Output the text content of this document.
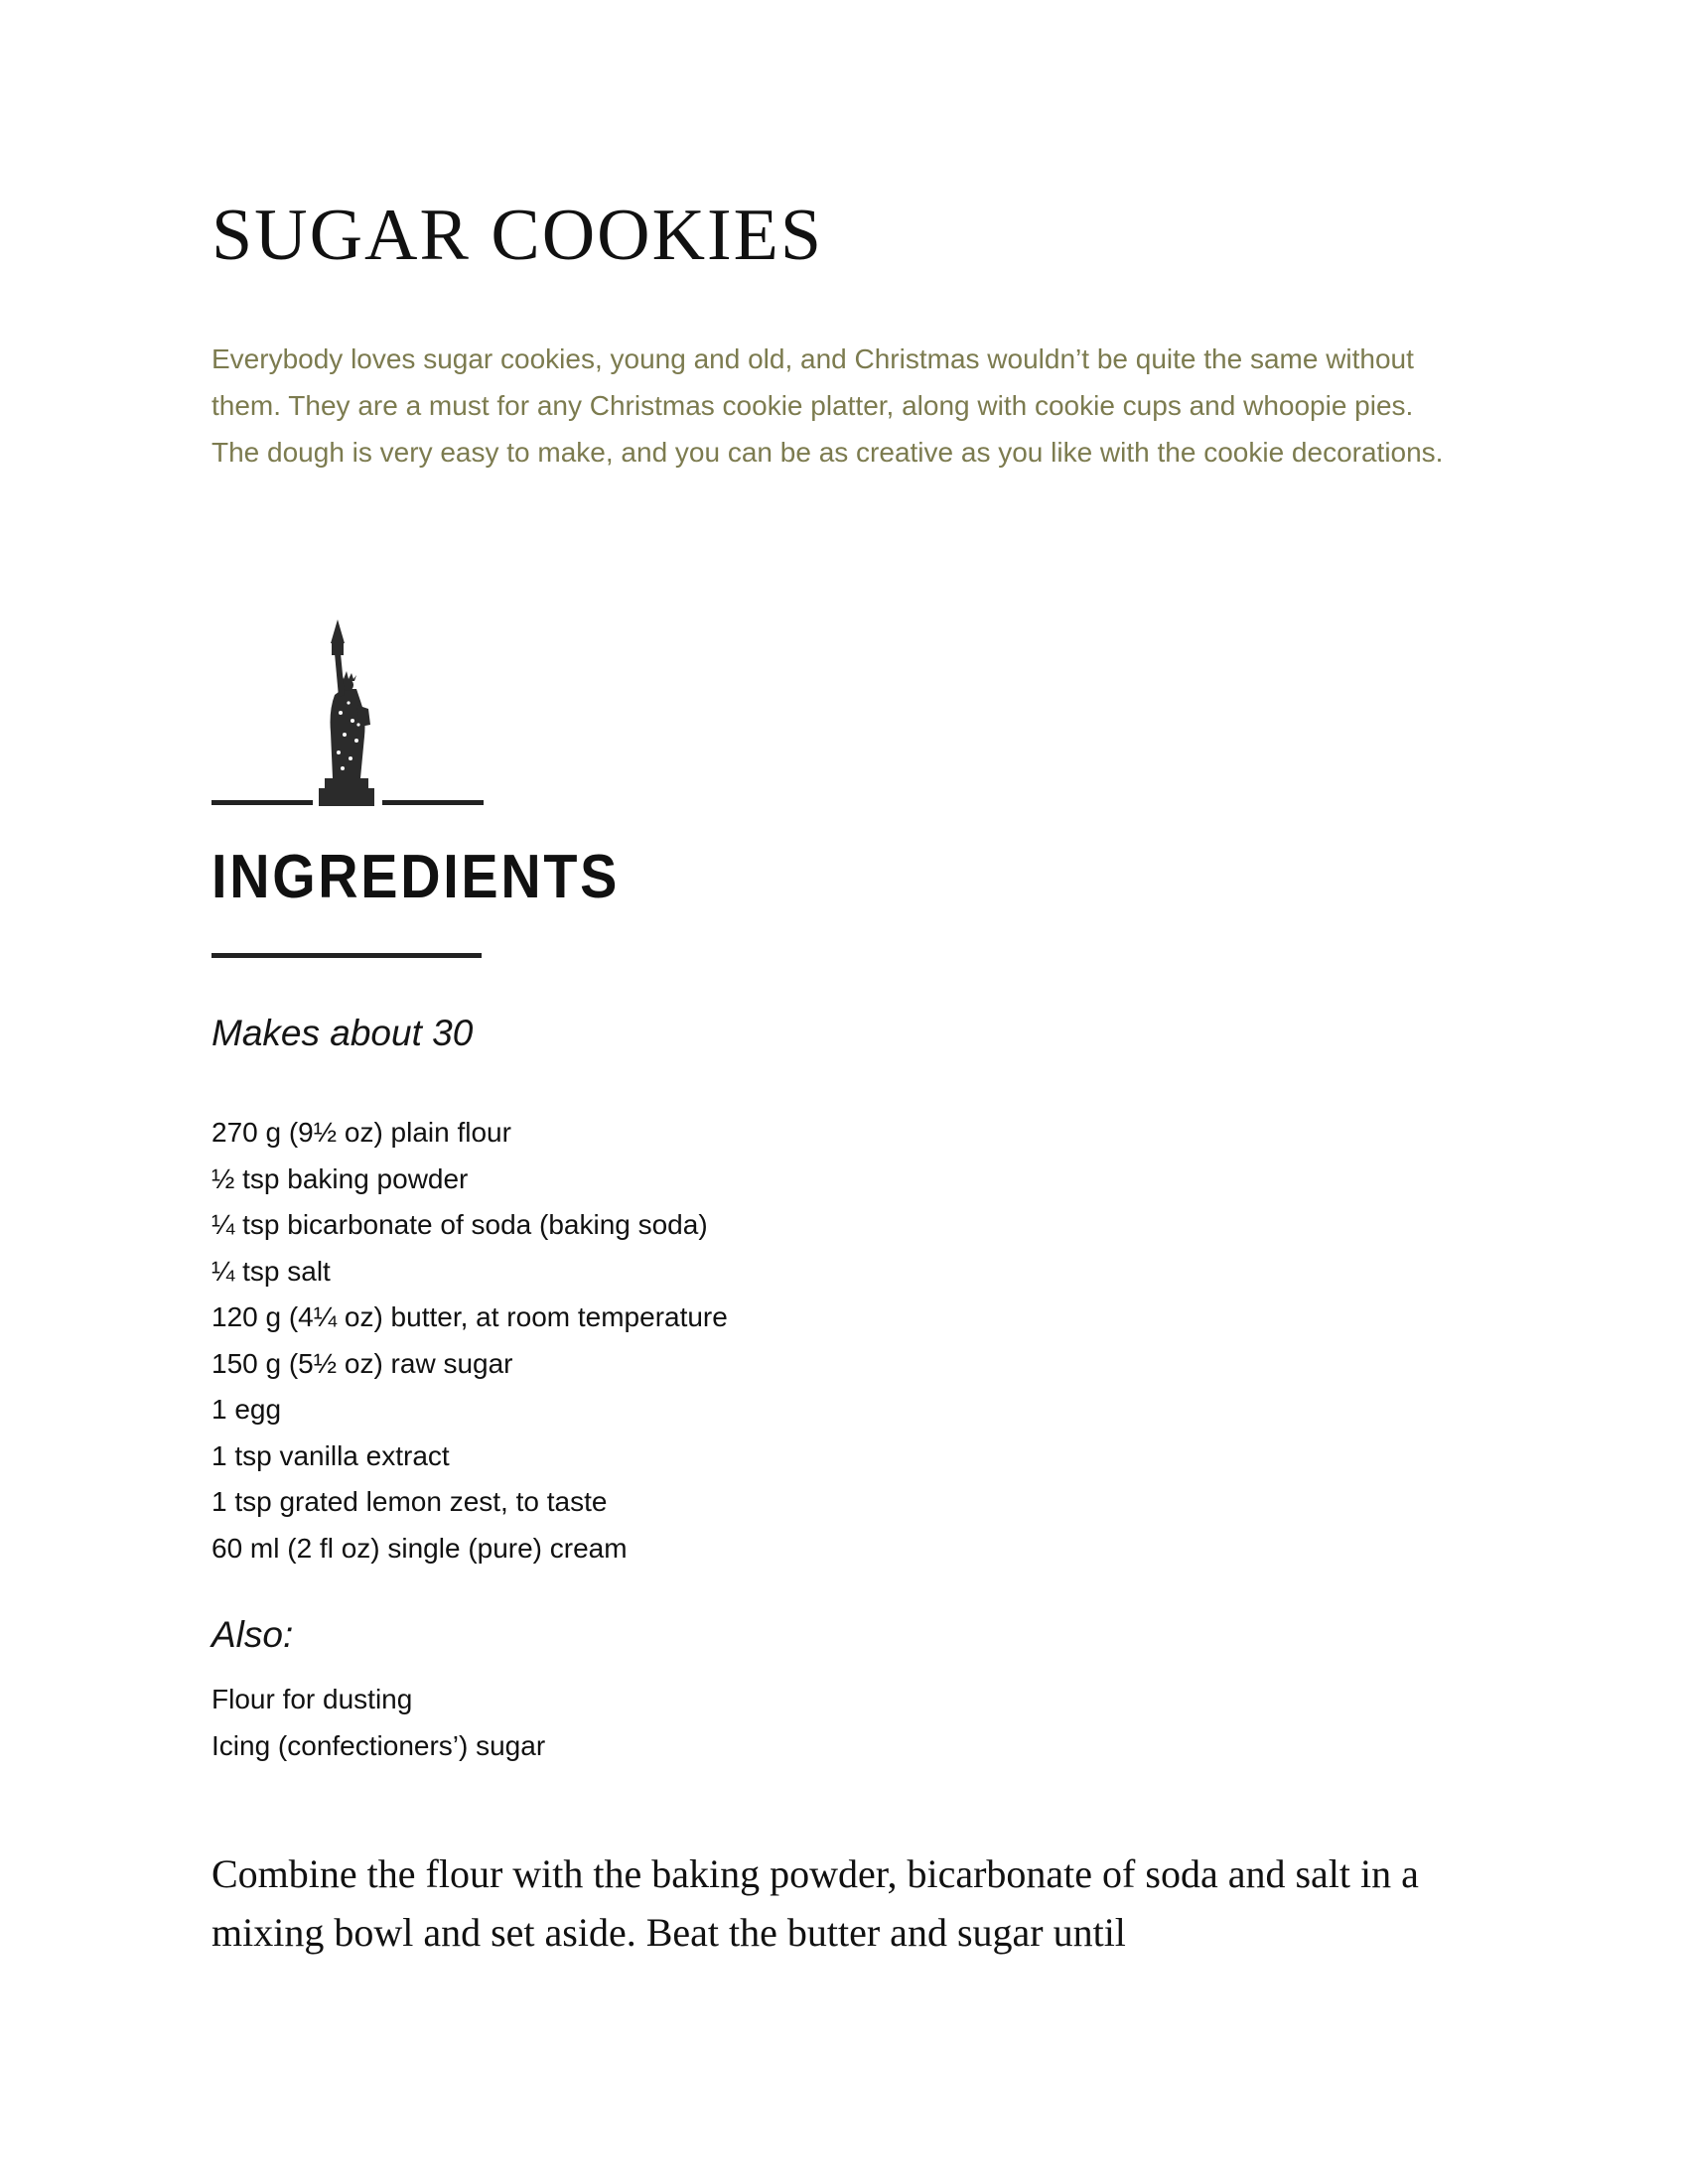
SUGAR COOKIES

Everybody loves sugar cookies, young and old, and Christmas wouldn’t be quite the same without them. They are a must for any Christmas cookie platter, along with cookie cups and whoopie pies. The dough is very easy to make, and you can be as creative as you like with the cookie decorations.

INGREDIENTS

Makes about 30

270 g (9½ oz) plain flour
½ tsp baking powder
¼ tsp bicarbonate of soda (baking soda)
¼ tsp salt
120 g (4¼ oz) butter, at room temperature
150 g (5½ oz) raw sugar
1 egg
1 tsp vanilla extract
1 tsp grated lemon zest, to taste
60 ml (2 fl oz) single (pure) cream

Also:

Flour for dusting
Icing (confectioners’) sugar

Combine the flour with the baking powder, bicarbonate of soda and salt in a mixing bowl and set aside. Beat the butter and sugar until
